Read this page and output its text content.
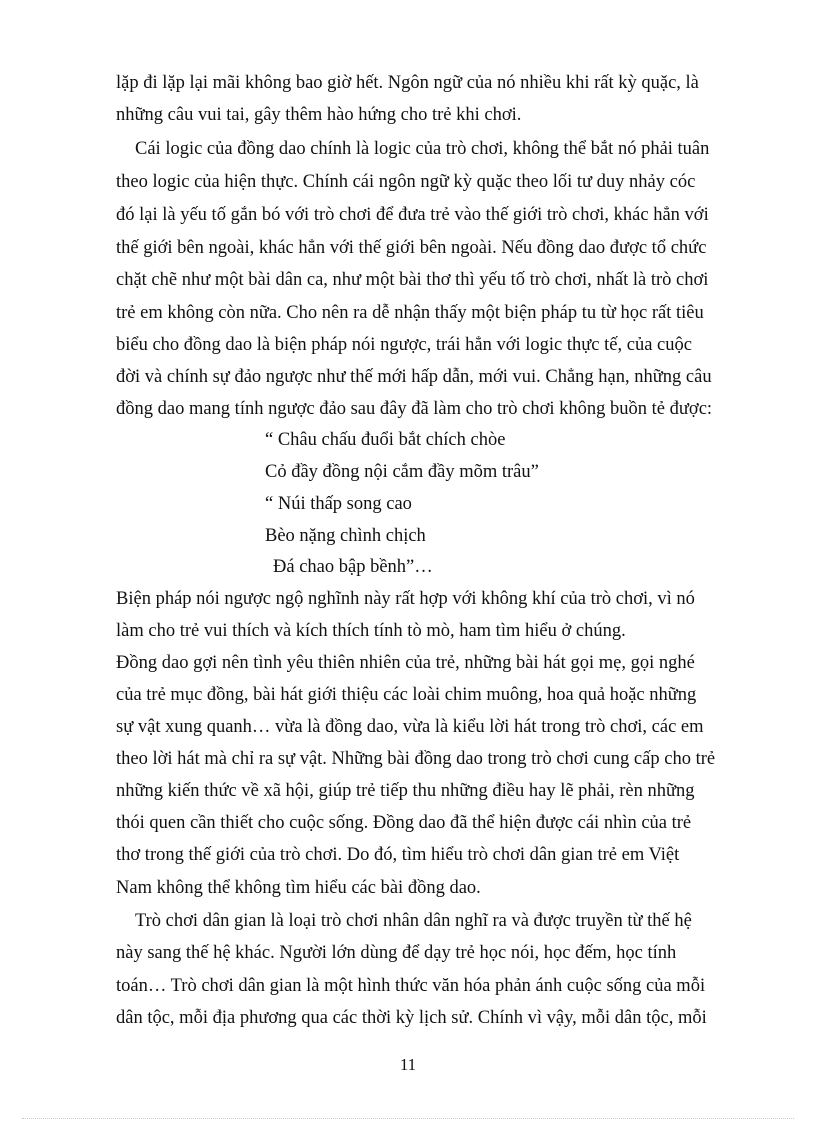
lặp đi lặp lại mãi không bao giờ hết. Ngôn ngữ của nó nhiều khi rất kỳ quặc, là
những câu vui tai, gây thêm hào hứng cho trẻ khi chơi.
Cái logic của đồng dao chính là logic của trò chơi, không thể bắt nó phải tuân
theo logic của hiện thực. Chính cái ngôn ngữ kỳ quặc theo lối tư duy nhảy cóc
đó lại là yếu tố gắn bó với trò chơi để đưa trẻ vào thế giới trò chơi, khác hẳn với
thế giới bên ngoài, khác hẳn với thế giới bên ngoài. Nếu đồng dao được tổ chức
chặt chẽ như một bài dân ca, như một bài thơ thì yếu tố trò chơi, nhất là trò chơi
trẻ em không còn nữa. Cho nên ra dễ nhận thấy một biện pháp tu từ học rất tiêu
biểu cho đồng dao là biện pháp nói ngược, trái hẳn với logic thực tế, của cuộc
đời và chính sự đảo ngược như thế mới hấp dẫn, mới vui. Chẳng hạn, những câu
đồng dao mang tính ngược đảo sau đây đã làm cho trò chơi không buồn tẻ được:
“ Châu chấu đuổi bắt chích chòe
Cỏ đầy đồng nội cắm đầy mõm trâu”
“ Núi thấp song cao
Bèo nặng chình chịch
Đá chao bập bềnh”…
Biện pháp nói ngược ngộ nghĩnh này rất hợp với không khí của trò chơi, vì nó
làm cho trẻ vui thích và kích thích tính tò mò, ham tìm hiểu ở chúng.
Đồng dao gợi nên tình yêu thiên nhiên của trẻ, những bài hát gọi mẹ, gọi nghé
của trẻ mục đồng, bài hát giới thiệu các loài chim muông, hoa quả hoặc những
sự vật xung quanh… vừa là đồng dao, vừa là kiểu lời hát trong trò chơi, các em
theo lời hát mà chỉ ra sự vật. Những bài đồng dao trong trò chơi cung cấp cho trẻ
những kiến thức về xã hội, giúp trẻ tiếp thu những điều hay lẽ phải, rèn những
thói quen cần thiết cho cuộc sống. Đồng dao đã thể hiện được cái nhìn của trẻ
thơ trong thế giới của trò chơi. Do đó, tìm hiểu trò chơi dân gian trẻ em Việt
Nam không thể không tìm hiểu các bài đồng dao.
Trò chơi dân gian là loại trò chơi nhân dân nghĩ ra và được truyền từ thế hệ
này sang thế hệ khác. Người lớn dùng để dạy trẻ học nói, học đếm, học tính
toán… Trò chơi dân gian là một hình thức văn hóa phản ánh cuộc sống của mỗi
dân tộc, mỗi địa phương qua các thời kỳ lịch sử. Chính vì vậy, mỗi dân tộc, mỗi
11
